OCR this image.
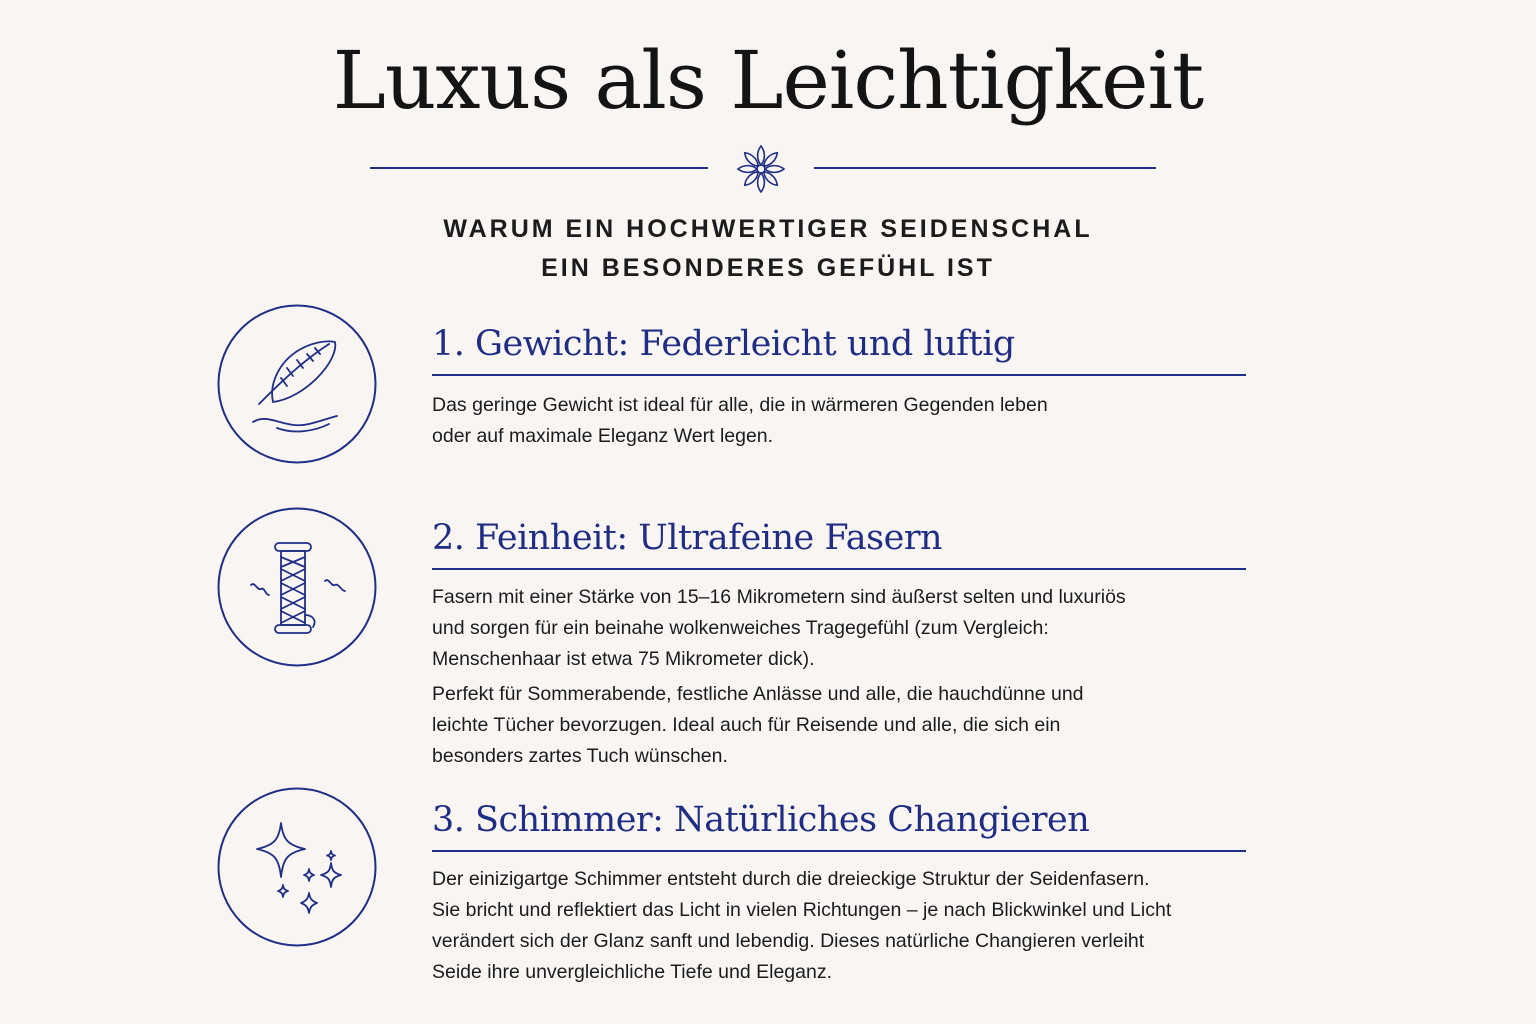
Luxus als Leichtigkeit
WARUM EIN HOCHWERTIGER SEIDENSCHAL
EIN BESONDERES GEFÜHL IST
1. Gewicht: Federleicht und luftig

Das geringe Gewicht ist ideal für alle, die in wärmeren Gegenden leben

oder auf maximale Eleganz Wert legen.

2. Feinheit: Ultrafeine Fasern

Fasern mit einer Stärke von 15–16 Mikrometern sind äußerst selten und luxuriös

und sorgen für ein beinahe wolkenweiches Tragegefühl (zum Vergleich:

Menschenhaar ist etwa 75 Mikrometer dick).

Perfekt für Sommerabende, festliche Anlässe und alle, die hauchdünne und

leichte Tücher bevorzugen. Ideal auch für Reisende und alle, die sich ein

besonders zartes Tuch wünschen.

3. Schimmer: Natürliches Changieren

Der einizigartge Schimmer entsteht durch die dreieckige Struktur der Seidenfasern.

Sie bricht und reflektiert das Licht in vielen Richtungen – je nach Blickwinkel und Licht

verändert sich der Glanz sanft und lebendig. Dieses natürliche Changieren verleiht

Seide ihre unvergleichliche Tiefe und Eleganz.
